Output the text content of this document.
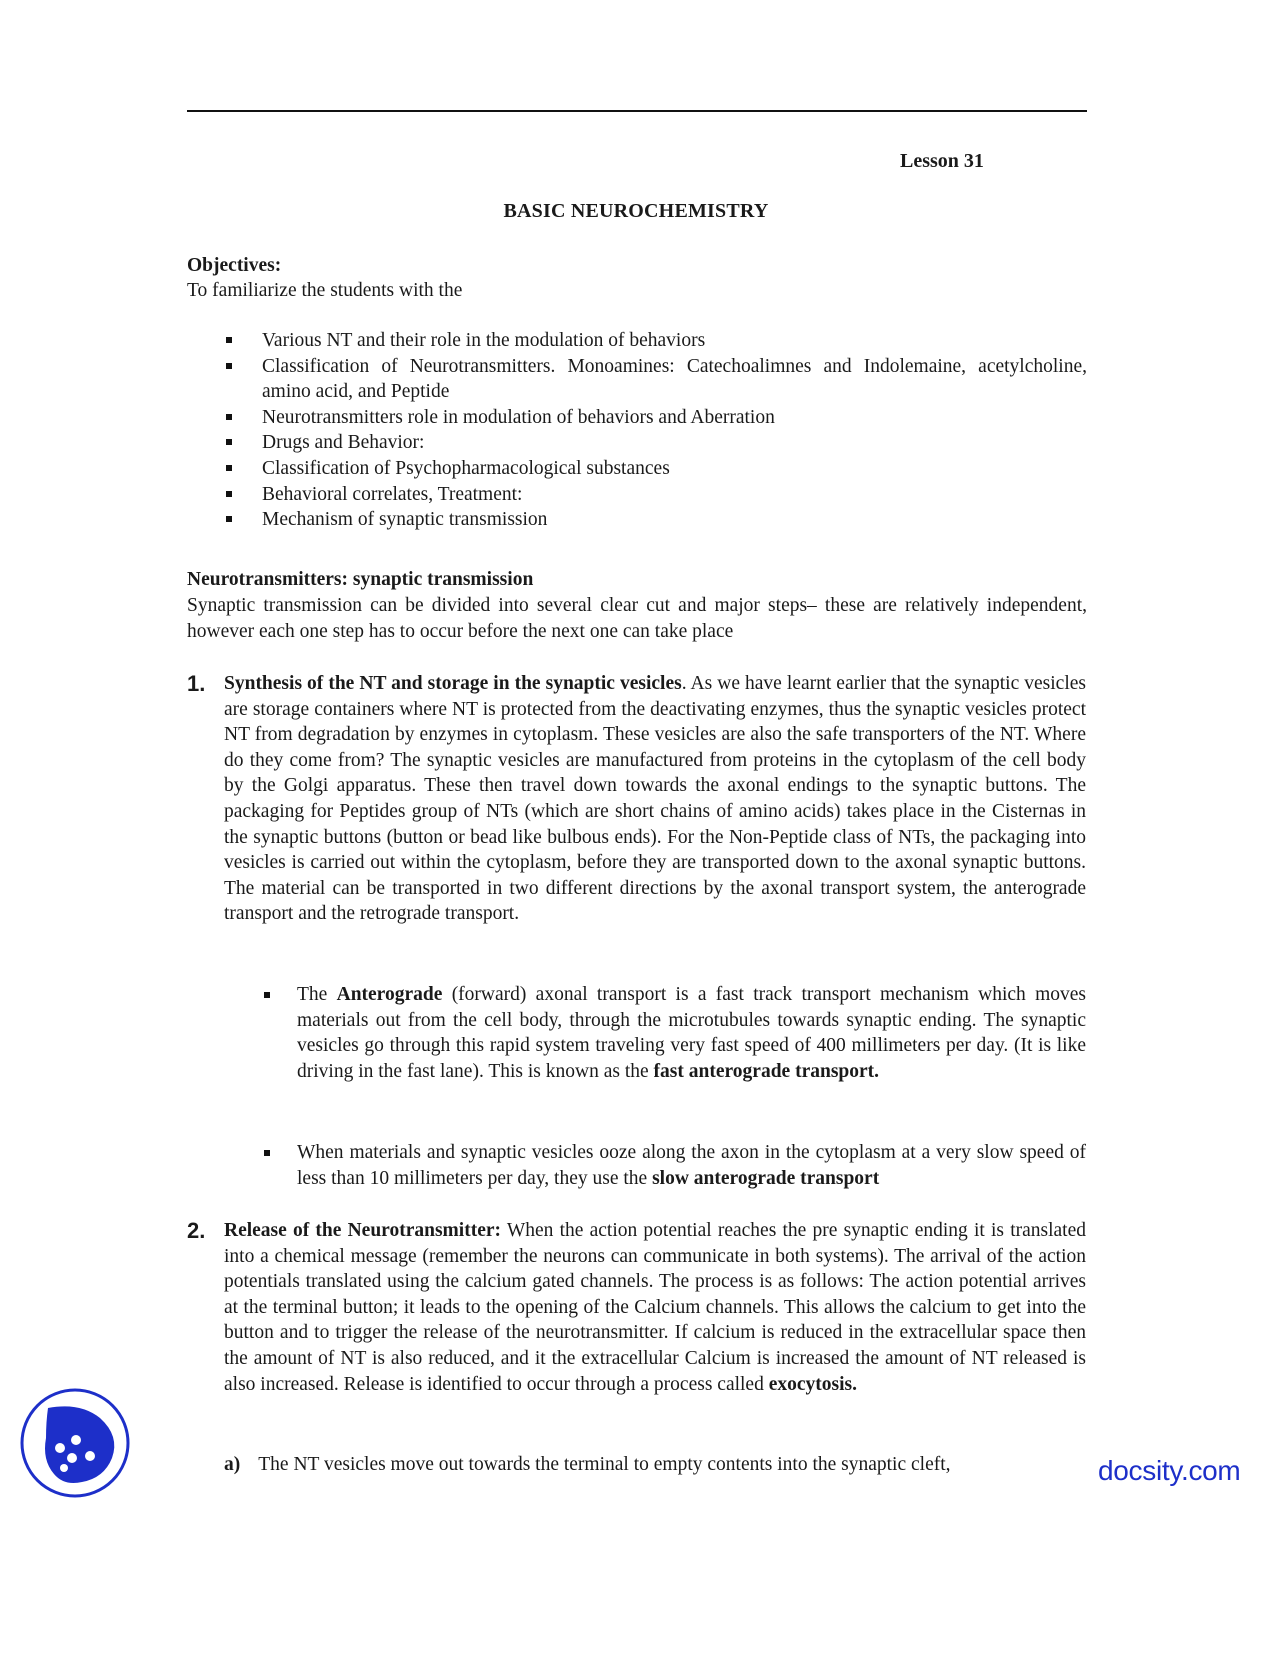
Lesson 31
BASIC NEUROCHEMISTRY
Objectives:
To familiarize the students with the
Various NT and their role in the modulation of behaviors
Classification of Neurotransmitters. Monoamines: Catechoalimnes and Indolemaine, acetylcholine, amino acid, and Peptide
Neurotransmitters role in modulation of behaviors and Aberration
Drugs and Behavior:
Classification of Psychopharmacological substances
Behavioral correlates, Treatment:
Mechanism of synaptic transmission
Neurotransmitters: synaptic transmission
Synaptic transmission can be divided into several clear cut and major steps– these are relatively independent, however each one step has to occur before the next one can take place
1. Synthesis of the NT and storage in the synaptic vesicles. As we have learnt earlier that the synaptic vesicles are storage containers where NT is protected from the deactivating enzymes, thus the synaptic vesicles protect NT from degradation by enzymes in cytoplasm. These vesicles are also the safe transporters of the NT. Where do they come from? The synaptic vesicles are manufactured from proteins in the cytoplasm of the cell body by the Golgi apparatus. These then travel down towards the axonal endings to the synaptic buttons. The packaging for Peptides group of NTs (which are short chains of amino acids) takes place in the Cisternas in the synaptic buttons (button or bead like bulbous ends). For the Non-Peptide class of NTs, the packaging into vesicles is carried out within the cytoplasm, before they are transported down to the axonal synaptic buttons. The material can be transported in two different directions by the axonal transport system, the anterograde transport and the retrograde transport.

The Anterograde (forward) axonal transport is a fast track transport mechanism which moves materials out from the cell body, through the microtubules towards synaptic ending. The synaptic vesicles go through this rapid system traveling very fast speed of 400 millimeters per day. (It is like driving in the fast lane). This is known as the fast anterograde transport.

When materials and synaptic vesicles ooze along the axon in the cytoplasm at a very slow speed of less than 10 millimeters per day, they use the slow anterograde transport

2. Release of the Neurotransmitter: When the action potential reaches the pre synaptic ending it is translated into a chemical message (remember the neurons can communicate in both systems). The arrival of the action potentials translated using the calcium gated channels. The process is as follows: The action potential arrives at the terminal button; it leads to the opening of the Calcium channels. This allows the calcium to get into the button and to trigger the release of the neurotransmitter. If calcium is reduced in the extracellular space then the amount of NT is also reduced, and it the extracellular Calcium is increased the amount of NT released is also increased. Release is identified to occur through a process called exocytosis.
a) The NT vesicles move out towards the terminal to empty contents into the synaptic cleft,	docsity.com
